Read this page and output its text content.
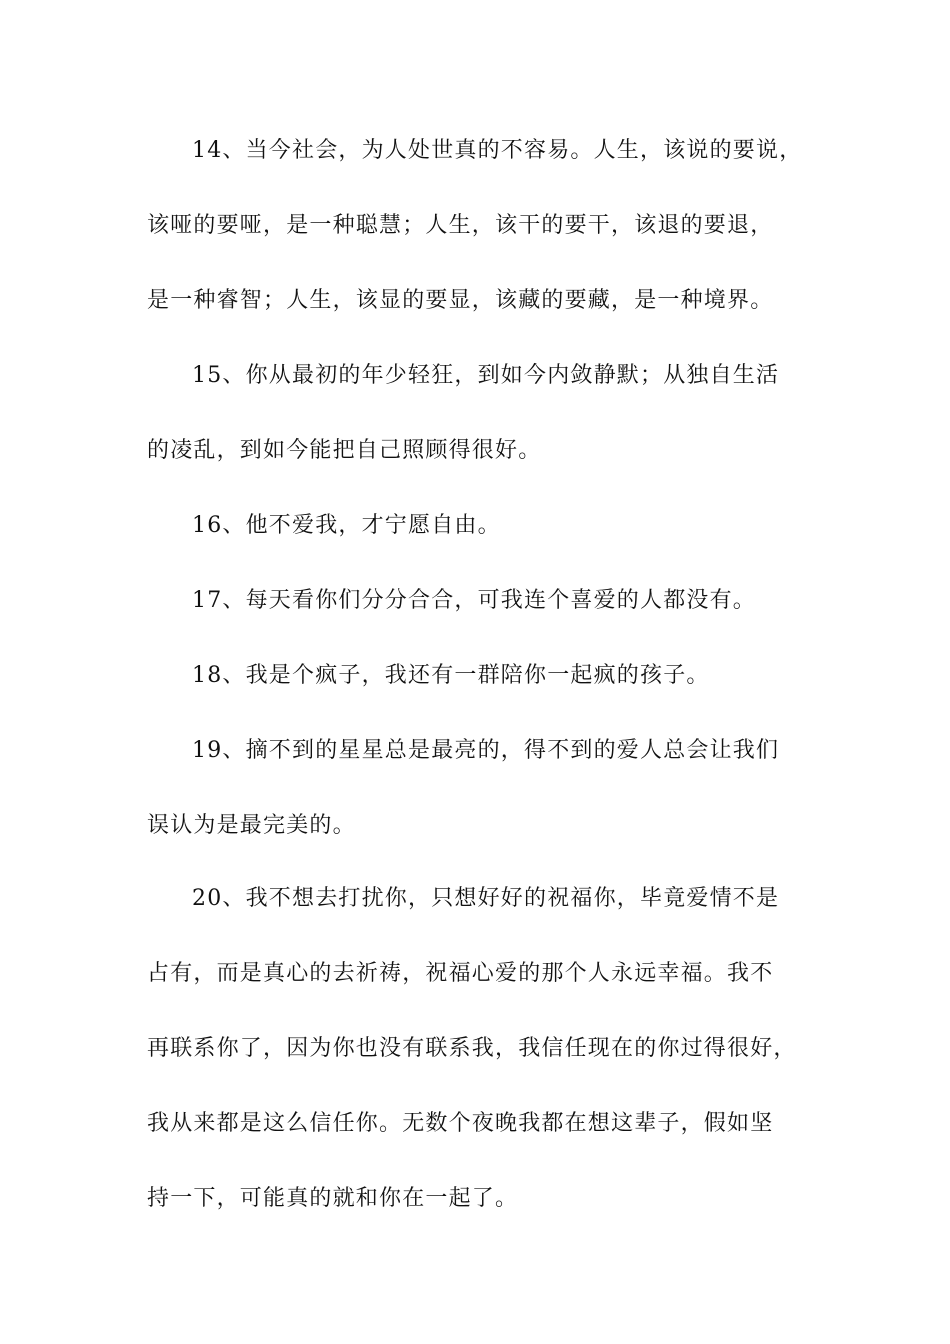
14、当今社会，为人处世真的不容易。人生，该说的要说，
该哑的要哑，是一种聪慧；人生，该干的要干，该退的要退，
是一种睿智；人生，该显的要显，该藏的要藏，是一种境界。
15、你从最初的年少轻狂，到如今内敛静默；从独自生活
的凌乱，到如今能把自己照顾得很好。
16、他不爱我，才宁愿自由。
17、每天看你们分分合合，可我连个喜爱的人都没有。
18、我是个疯子，我还有一群陪你一起疯的孩子。
19、摘不到的星星总是最亮的，得不到的爱人总会让我们
误认为是最完美的。
20、我不想去打扰你，只想好好的祝福你，毕竟爱情不是
占有，而是真心的去祈祷，祝福心爱的那个人永远幸福。我不
再联系你了，因为你也没有联系我，我信任现在的你过得很好，
我从来都是这么信任你。无数个夜晚我都在想这辈子，假如坚
持一下，可能真的就和你在一起了。
